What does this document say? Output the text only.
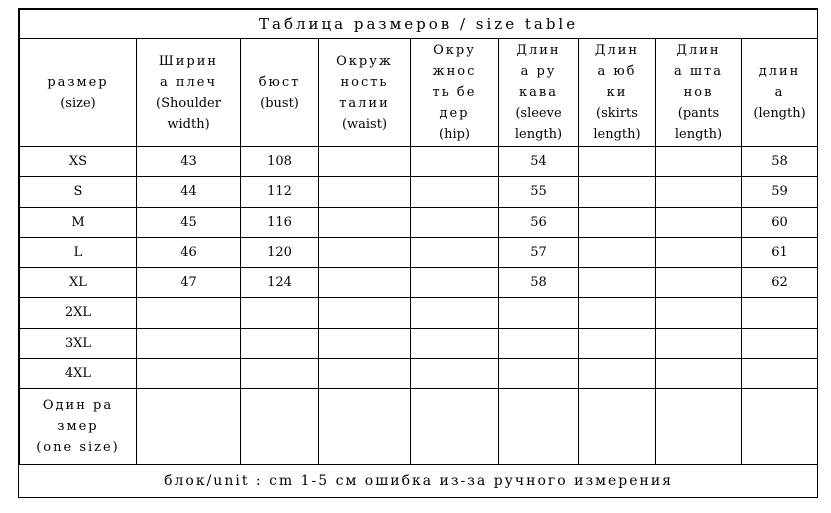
Таблица размеров / size table								

размер
(size)	Ширин
а плеч
(Shoulder
width)	бюст
(bust)	Окруж
ность
талии
(waist)	Окру
жнос
ть бе
дер
(hip)	Длин
а ру
кава
(sleeve
length)	Длин
а юб
ки
(skirts
length)	Длин
а шта
нов
(pants
length)	длин
а
(length)

XS	43	108			54			58
S	44	112			55			59
M	45	116			56			60
L	46	120			57			61
XL	47	124			58			62
2XL								
3XL								
4XL								

Один ра
змер
(one size)								

блок/unit : cm 1-5 см ошибка из-за ручного измерения								
